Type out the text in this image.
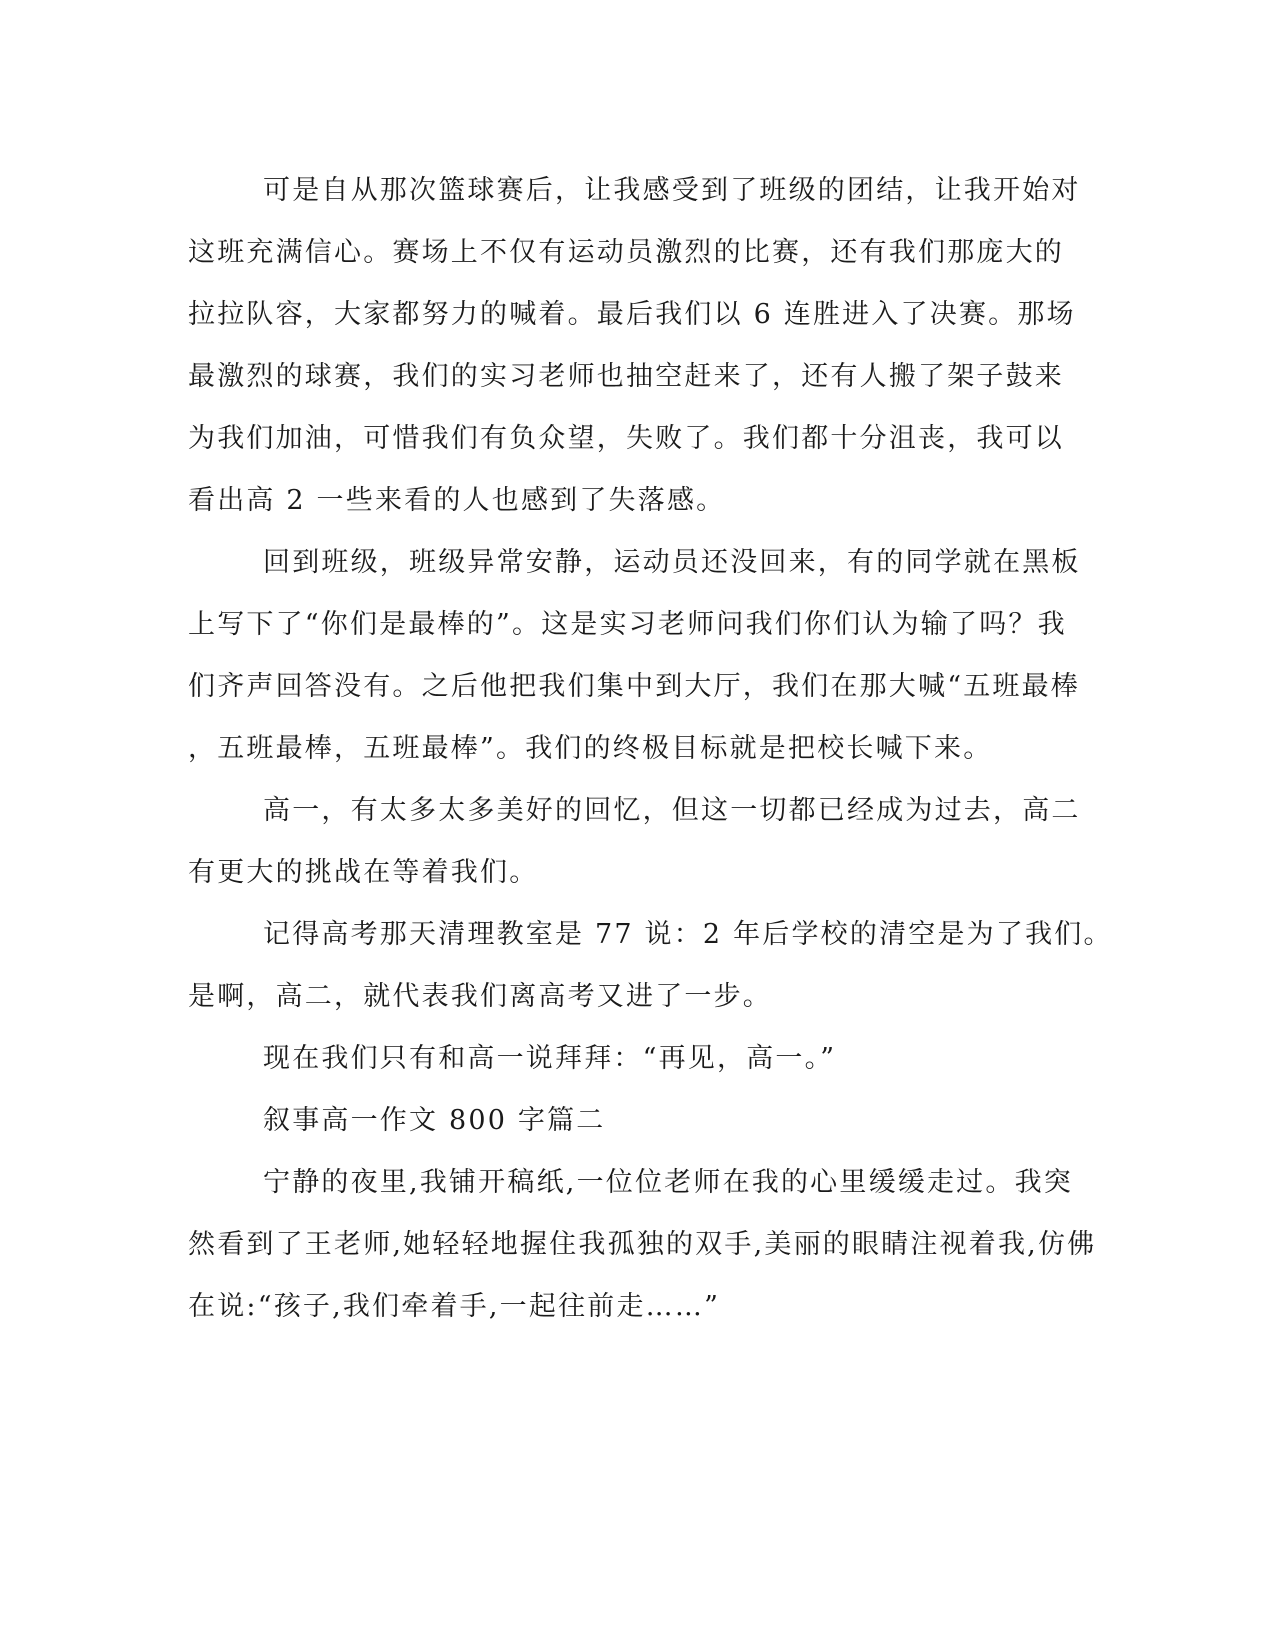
可是自从那次篮球赛后，让我感受到了班级的团结，让我开始对
这班充满信心。赛场上不仅有运动员激烈的比赛，还有我们那庞大的
拉拉队容，大家都努力的喊着。最后我们以 6 连胜进入了决赛。那场
最激烈的球赛，我们的实习老师也抽空赶来了，还有人搬了架子鼓来
为我们加油，可惜我们有负众望，失败了。我们都十分沮丧，我可以
看出高 2 一些来看的人也感到了失落感。
回到班级，班级异常安静，运动员还没回来，有的同学就在黑板
上写下了“你们是最棒的”。这是实习老师问我们你们认为输了吗？我
们齐声回答没有。之后他把我们集中到大厅，我们在那大喊“五班最棒
，五班最棒，五班最棒”。我们的终极目标就是把校长喊下来。
高一，有太多太多美好的回忆，但这一切都已经成为过去，高二
有更大的挑战在等着我们。
记得高考那天清理教室是 77 说：2 年后学校的清空是为了我们。
是啊，高二，就代表我们离高考又进了一步。
现在我们只有和高一说拜拜：“再见，高一。”
叙事高一作文 800 字篇二
宁静的夜里,我铺开稿纸,一位位老师在我的心里缓缓走过。我突
然看到了王老师,她轻轻地握住我孤独的双手,美丽的眼睛注视着我,仿佛
在说:“孩子,我们牵着手,一起往前走……”
